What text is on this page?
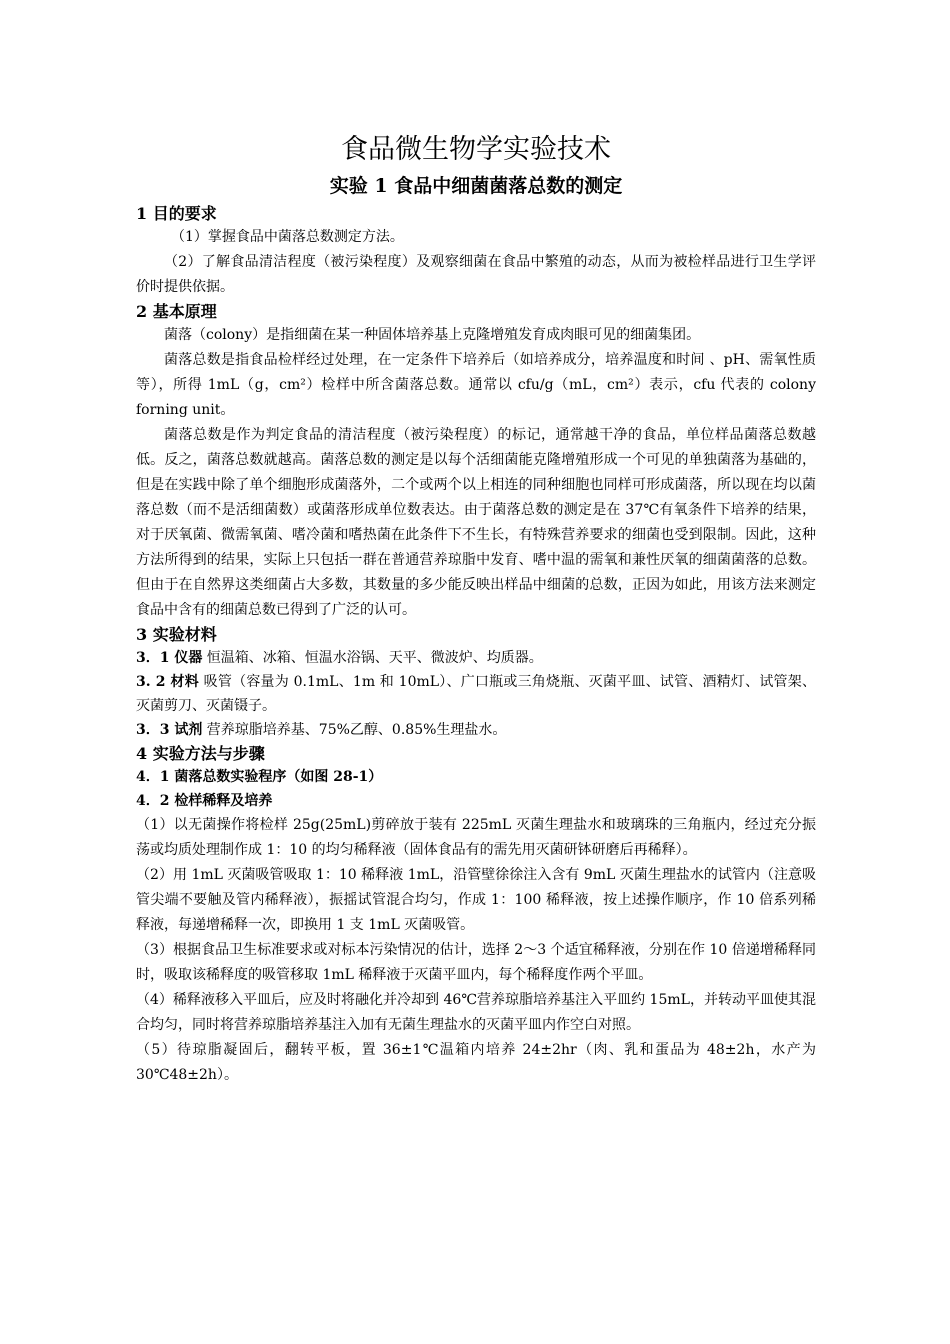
食品微生物学实验技术
实验 1 食品中细菌菌落总数的测定
1 目的要求

（1）掌握食品中菌落总数测定方法。

（2）了解食品清洁程度（被污染程度）及观察细菌在食品中繁殖的动态，从而为被检样品进行卫生学评价时提供依据。

2 基本原理

菌落（colony）是指细菌在某一种固体培养基上克隆增殖发育成肉眼可见的细菌集团。

菌落总数是指食品检样经过处理，在一定条件下培养后（如培养成分，培养温度和时间 、pH、需氧性质等），所得 1mL（g，cm²）检样中所含菌落总数。通常以 cfu/g（mL，cm²）表示，cfu 代表的 colony forning unit。

菌落总数是作为判定食品的清洁程度（被污染程度）的标记，通常越干净的食品，单位样品菌落总数越低。反之，菌落总数就越高。菌落总数的测定是以每个活细菌能克隆增殖形成一个可见的单独菌落为基础的，但是在实践中除了单个细胞形成菌落外，二个或两个以上相连的同种细胞也同样可形成菌落，所以现在均以菌落总数（而不是活细菌数）或菌落形成单位数表达。由于菌落总数的测定是在 37℃有氧条件下培养的结果，对于厌氧菌、微需氧菌、嗜冷菌和嗜热菌在此条件下不生长，有特殊营养要求的细菌也受到限制。因此，这种方法所得到的结果，实际上只包括一群在普通营养琼脂中发育、嗜中温的需氧和兼性厌氧的细菌菌落的总数。但由于在自然界这类细菌占大多数，其数量的多少能反映出样品中细菌的总数，正因为如此，用该方法来测定食品中含有的细菌总数已得到了广泛的认可。

3 实验材料

3．1 仪器 恒温箱、冰箱、恒温水浴锅、天平、微波炉、均质器。

3. 2 材料 吸管（容量为 0.1mL、1m 和 10mL）、广口瓶或三角烧瓶、灭菌平皿、试管、酒精灯、试管架、灭菌剪刀、灭菌镊子。

3．3 试剂 营养琼脂培养基、75%乙醇、0.85%生理盐水。

4 实验方法与步骤

4．1 菌落总数实验程序（如图 28-1）

4．2 检样稀释及培养

（1）以无菌操作将检样 25g(25mL)剪碎放于装有 225mL 灭菌生理盐水和玻璃珠的三角瓶内，经过充分振荡或均质处理制作成 1：10 的均匀稀释液（固体食品有的需先用灭菌研钵研磨后再稀释）。

（2）用 1mL 灭菌吸管吸取 1：10 稀释液 1mL，沿管壁徐徐注入含有 9mL 灭菌生理盐水的试管内（注意吸管尖端不要触及管内稀释液），振摇试管混合均匀，作成 1：100 稀释液，按上述操作顺序，作 10 倍系列稀释液，每递增稀释一次，即换用 1 支 1mL 灭菌吸管。

（3）根据食品卫生标准要求或对标本污染情况的估计，选择 2～3 个适宜稀释液，分别在作 10 倍递增稀释同时，吸取该稀释度的吸管移取 1mL 稀释液于灭菌平皿内，每个稀释度作两个平皿。

（4）稀释液移入平皿后，应及时将融化并冷却到 46℃营养琼脂培养基注入平皿约 15mL，并转动平皿使其混合均匀，同时将营养琼脂培养基注入加有无菌生理盐水的灭菌平皿内作空白对照。

（5）待琼脂凝固后，翻转平板，置 36±1℃温箱内培养 24±2hr（肉、乳和蛋品为 48±2h，水产为 30℃48±2h）。
